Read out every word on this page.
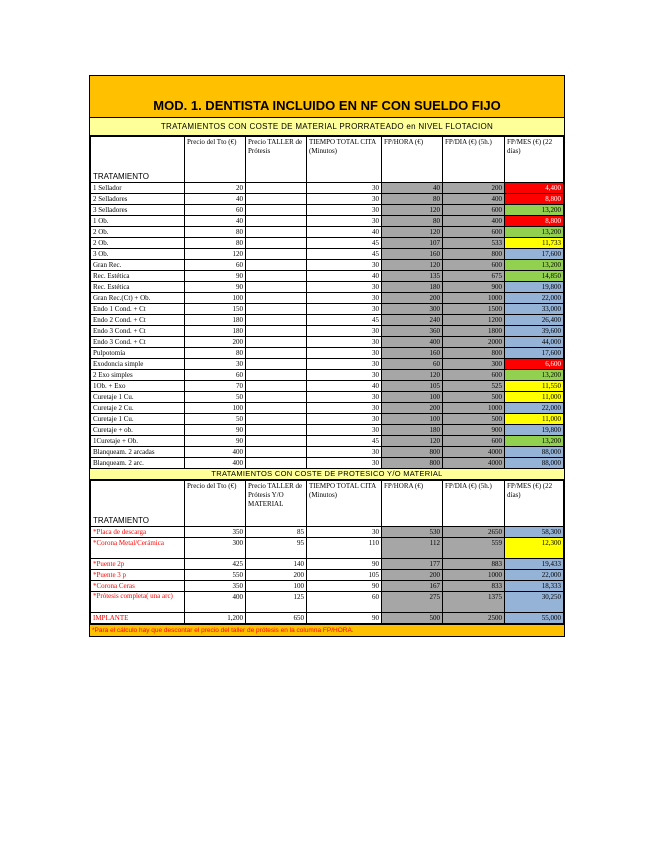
MOD. 1. DENTISTA INCLUIDO EN NF CON SUELDO FIJO
TRATAMIENTOS CON COSTE DE MATERIAL PRORRATEADO en NIVEL FLOTACION
TRATAMIENTO	Precio del Tto (€)	Precio TALLER de Prótesis	TIEMPO TOTAL CITA (Minutos)	FP/HORA (€)	FP/DIA (€) (5h.)	FP/MES (€) (22 días)
1 Sellador	20		30	40	200	4,400
2 Selladores	40		30	80	400	8,800
3 Selladores	60		30	120	600	13,200
1 Ob.	40		30	80	400	8,800
2 Ob.	80		40	120	600	13,200
2 Ob.	80		45	107	533	11,733
3 Ob.	120		45	160	800	17,600
Gran Rec.	60		30	120	600	13,200
Rec. Estética	90		40	135	675	14,850
Rec. Estética	90		30	180	900	19,800
Gran Rec.(Ct) + Ob.	100		30	200	1000	22,000
Endo 1 Cond. + Ct	150		30	300	1500	33,000
Endo 2 Cond. + Ct	180		45	240	1200	26,400
Endo 3 Cond. + Ct	180		30	360	1800	39,600
Endo 3 Cond. + Ct	200		30	400	2000	44,000
Pulpotomía	80		30	160	800	17,600
Exodoncia simple	30		30	60	300	6,600
2 Exo simples	60		30	120	600	13,200
1Ob. + Exo	70		40	105	525	11,550
Curetaje 1 Cu.	50		30	100	500	11,000
Curetaje 2 Cu.	100		30	200	1000	22,000
Curetaje 1 Cu.	50		30	100	500	11,000
Curetaje + ob.	90		30	180	900	19,800
1Curetaje + Ob.	90		45	120	600	13,200
Blanqueam. 2 arcadas	400		30	800	4000	88,000
Blanqueam. 2 arc.	400		30	800	4000	88,000
TRATAMIENTOS CON COSTE DE PROTESICO Y/O MATERIAL
TRATAMIENTO	Precio del Tto (€)	Precio TALLER de Prótesis Y/O MATERIAL	TIEMPO TOTAL CITA (Minutos)	FP/HORA (€)	FP/DIA (€) (5h.)	FP/MES (€) (22 días)
*Placa de descarga	350	85	30	530	2650	58,300
*Corona Metal/Cerámica	300	95	110	112	559	12,300
*Puente 2p	425	140	90	177	883	19,433
*Puente 3 p	550	200	105	200	1000	22,000
*Corona Ceras	350	100	90	167	833	18,333
*Prótesis completa( una arc)	400	125	60	275	1375	30,250
IMPLANTE	1,200	650	90	500	2500	55,000
*Para el cálculo hay que descontar el precio del taller de prótesis en la columna FP/HORA.
